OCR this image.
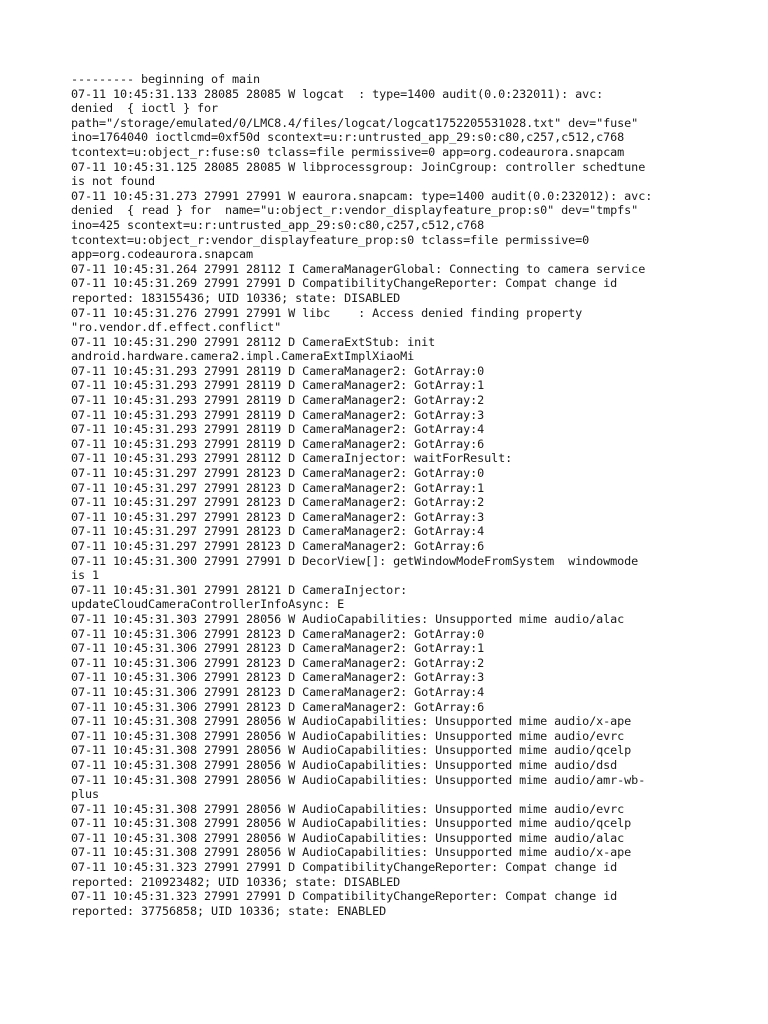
--------- beginning of main
07-11 10:45:31.133 28085 28085 W logcat  : type=1400 audit(0.0:232011): avc:
denied  { ioctl } for
path="/storage/emulated/0/LMC8.4/files/logcat/logcat1752205531028.txt" dev="fuse"
ino=1764040 ioctlcmd=0xf50d scontext=u:r:untrusted_app_29:s0:c80,c257,c512,c768
tcontext=u:object_r:fuse:s0 tclass=file permissive=0 app=org.codeaurora.snapcam
07-11 10:45:31.125 28085 28085 W libprocessgroup: JoinCgroup: controller schedtune
is not found
07-11 10:45:31.273 27991 27991 W eaurora.snapcam: type=1400 audit(0.0:232012): avc:
denied  { read } for  name="u:object_r:vendor_displayfeature_prop:s0" dev="tmpfs"
ino=425 scontext=u:r:untrusted_app_29:s0:c80,c257,c512,c768
tcontext=u:object_r:vendor_displayfeature_prop:s0 tclass=file permissive=0
app=org.codeaurora.snapcam
07-11 10:45:31.264 27991 28112 I CameraManagerGlobal: Connecting to camera service
07-11 10:45:31.269 27991 27991 D CompatibilityChangeReporter: Compat change id
reported: 183155436; UID 10336; state: DISABLED
07-11 10:45:31.276 27991 27991 W libc    : Access denied finding property
"ro.vendor.df.effect.conflict"
07-11 10:45:31.290 27991 28112 D CameraExtStub: init
android.hardware.camera2.impl.CameraExtImplXiaoMi
07-11 10:45:31.293 27991 28119 D CameraManager2: GotArray:0
07-11 10:45:31.293 27991 28119 D CameraManager2: GotArray:1
07-11 10:45:31.293 27991 28119 D CameraManager2: GotArray:2
07-11 10:45:31.293 27991 28119 D CameraManager2: GotArray:3
07-11 10:45:31.293 27991 28119 D CameraManager2: GotArray:4
07-11 10:45:31.293 27991 28119 D CameraManager2: GotArray:6
07-11 10:45:31.293 27991 28112 D CameraInjector: waitForResult:
07-11 10:45:31.297 27991 28123 D CameraManager2: GotArray:0
07-11 10:45:31.297 27991 28123 D CameraManager2: GotArray:1
07-11 10:45:31.297 27991 28123 D CameraManager2: GotArray:2
07-11 10:45:31.297 27991 28123 D CameraManager2: GotArray:3
07-11 10:45:31.297 27991 28123 D CameraManager2: GotArray:4
07-11 10:45:31.297 27991 28123 D CameraManager2: GotArray:6
07-11 10:45:31.300 27991 27991 D DecorView[]: getWindowModeFromSystem  windowmode
is 1
07-11 10:45:31.301 27991 28121 D CameraInjector:
updateCloudCameraControllerInfoAsync: E
07-11 10:45:31.303 27991 28056 W AudioCapabilities: Unsupported mime audio/alac
07-11 10:45:31.306 27991 28123 D CameraManager2: GotArray:0
07-11 10:45:31.306 27991 28123 D CameraManager2: GotArray:1
07-11 10:45:31.306 27991 28123 D CameraManager2: GotArray:2
07-11 10:45:31.306 27991 28123 D CameraManager2: GotArray:3
07-11 10:45:31.306 27991 28123 D CameraManager2: GotArray:4
07-11 10:45:31.306 27991 28123 D CameraManager2: GotArray:6
07-11 10:45:31.308 27991 28056 W AudioCapabilities: Unsupported mime audio/x-ape
07-11 10:45:31.308 27991 28056 W AudioCapabilities: Unsupported mime audio/evrc
07-11 10:45:31.308 27991 28056 W AudioCapabilities: Unsupported mime audio/qcelp
07-11 10:45:31.308 27991 28056 W AudioCapabilities: Unsupported mime audio/dsd
07-11 10:45:31.308 27991 28056 W AudioCapabilities: Unsupported mime audio/amr-wb-
plus
07-11 10:45:31.308 27991 28056 W AudioCapabilities: Unsupported mime audio/evrc
07-11 10:45:31.308 27991 28056 W AudioCapabilities: Unsupported mime audio/qcelp
07-11 10:45:31.308 27991 28056 W AudioCapabilities: Unsupported mime audio/alac
07-11 10:45:31.308 27991 28056 W AudioCapabilities: Unsupported mime audio/x-ape
07-11 10:45:31.323 27991 27991 D CompatibilityChangeReporter: Compat change id
reported: 210923482; UID 10336; state: DISABLED
07-11 10:45:31.323 27991 27991 D CompatibilityChangeReporter: Compat change id
reported: 37756858; UID 10336; state: ENABLED
